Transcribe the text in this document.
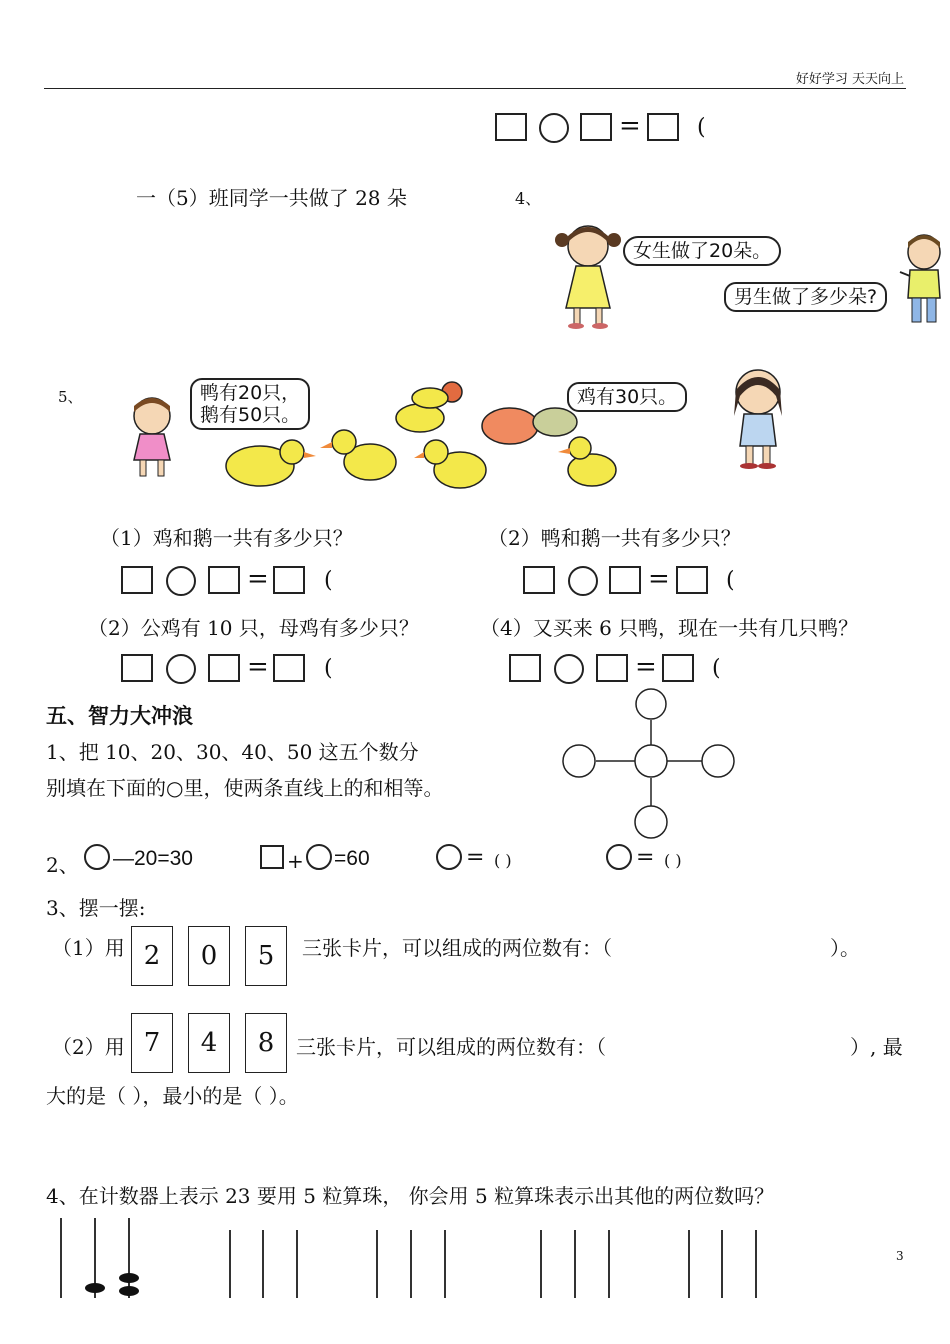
好好学习 天天向上
=	(
一（5）班同学一共做了 28 朵	4、
女生做了20朵。
男生做了多少朵?
5、	鸭有20只，
鹅有50只。
鸡有30只。
（1）鸡和鹅一共有多少只？	（2）鸭和鹅一共有多少只？
=	(	=	(
（2）公鸡有 10 只，母鸡有多少只？	（4）又买来 6 只鸭，现在一共有几只鸭？
=	(	=	(
五、智力大冲浪
1、把 10、20、30、40、50 这五个数分
别填在下面的○里，使两条直线上的和相等。
2、 —20=30	+ =60	= ( )	= ( )
3、摆一摆:
（1）用 2	0	5	三张卡片，可以组成的两位数有：（	）。
（2）用 7	4	8	三张卡片，可以组成的两位数有：（	）, 最
大的是（ ），最小的是（ ）。
4、在计数器上表示 23 要用 5 粒算珠， 你会用 5 粒算珠表示出其他的两位数吗？
3
